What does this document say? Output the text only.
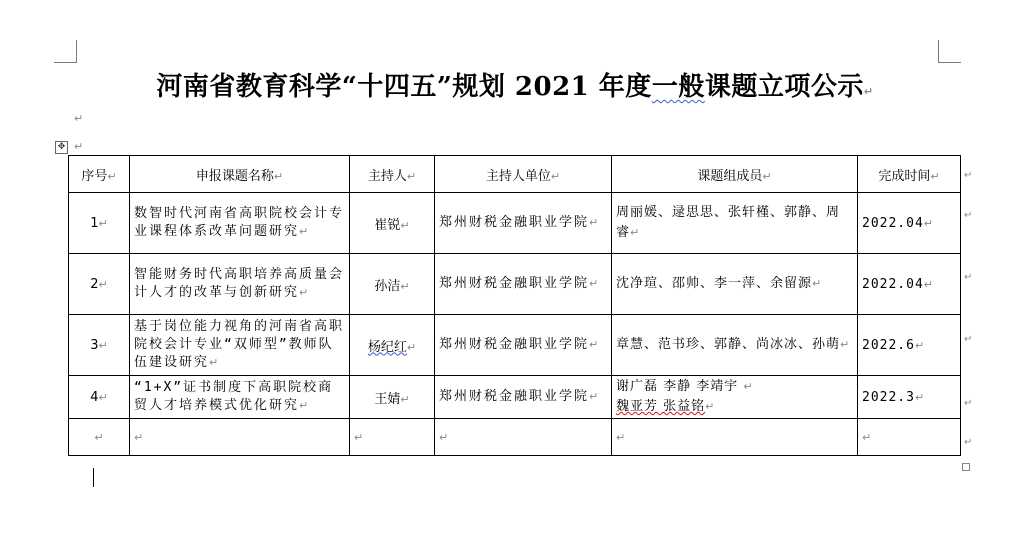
河南省教育科学“十四五”规划 2021 年度一般课题立项公示↵
↵
✥ ↵
序号↵	申报课题名称↵	主持人↵	主持人单位↵	课题组成员↵	完成时间↵
1↵	数智时代河南省高职院校会计专业课程体系改革问题研究↵	崔锐↵	郑州财税金融职业学院↵	周丽媛、逯思思、张轩槿、郭静、周睿↵	2022.04↵
2↵	智能财务时代高职培养高质量会计人才的改革与创新研究↵	孙洁↵	郑州财税金融职业学院↵	沈净瑄、邵帅、李一萍、余留源↵	2022.04↵
3↵	基于岗位能力视角的河南省高职院校会计专业“双师型”教师队伍建设研究↵	杨纪红↵	郑州财税金融职业学院↵	章慧、范书珍、郭静、尚冰冰、孙萌↵	2022.6↵
4↵	“1+X”证书制度下高职院校商贸人才培养模式优化研究↵	王婧↵	郑州财税金融职业学院↵	谢广磊 李静 李靖宇 ↵
魏亚芳 张益铭↵	2022.3↵
↵	↵	↵	↵	↵	↵
↵
↵
↵
↵
↵
↵
